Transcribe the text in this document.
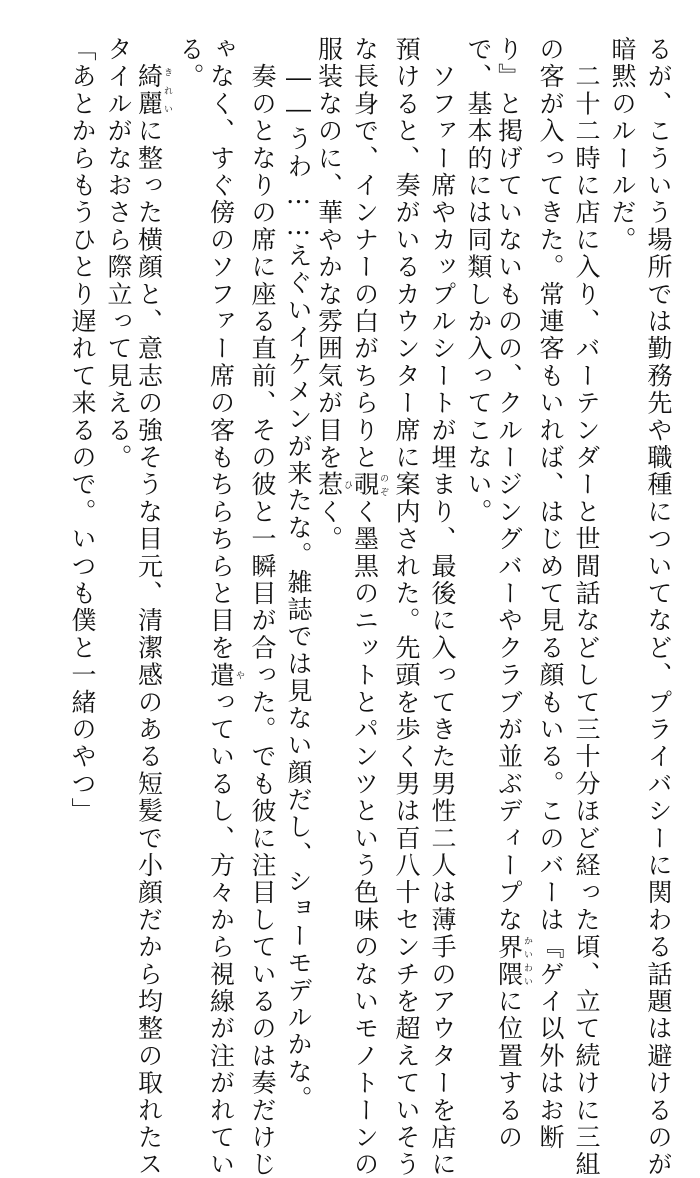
るが、こういう場所では勤務先や職種についてなど、プライバシーに関わる話題は避けるのが
暗黙のルールだ。
　二十二時に店に入り、バーテンダーと世間話などして三十分ほど経った頃、立て続けに三組
の客が入ってきた。常連客もいれば、はじめて見る顔もいる。このバーは『ゲイ以外はお断
り』と掲げていないものの、クルージングバーやクラブが並ぶディープな界隈かいわいに位置するの
で、基本的には同類しか入ってこない。
　ソファー席やカップルシートが埋まり、最後に入ってきた男性二人は薄手のアウターを店に
預けると、奏がいるカウンター席に案内された。先頭を歩く男は百八十センチを超えていそう
な長身で、インナーの白がちらりと覗のぞく墨黒のニットとパンツという色味のないモノトーンの
服装なのに、華やかな雰囲気が目を惹ひく。
　――うわ……えぐいイケメンが来たな。雑誌では見ない顔だし、ショーモデルかな。
　奏のとなりの席に座る直前、その彼と一瞬目が合った。でも彼に注目しているのは奏だけじ
ゃなく、すぐ傍のソファー席の客もちらちらと目を遣やっているし、方々から視線が注がれてい
る。
　綺麗きれいに整った横顔と、意志の強そうな目元、清潔感のある短髪で小顔だから均整の取れたス
タイルがなおさら際立って見える。
「あとからもうひとり遅れて来るので。いつも僕と一緒のやつ」
